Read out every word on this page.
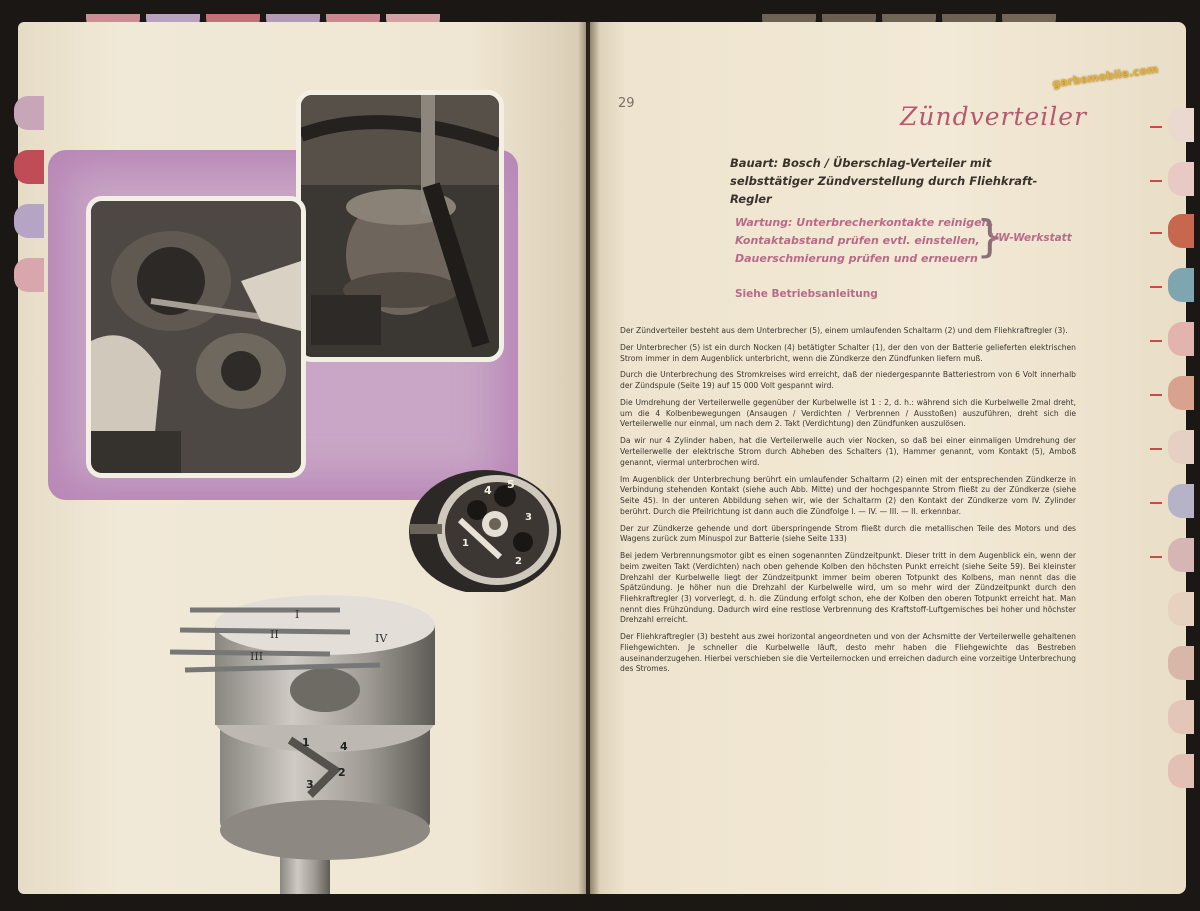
4 5
1
2
3
I
II
III
IV
1	4
2
3
29
garbsmobile.com
Zündverteiler
Bauart: Bosch / Überschlag-Verteiler mit selbsttätiger Zündverstellung durch Fliehkraft-Regler
Wartung: Unterbrecherkontakte reinigen,
Kontaktabstand prüfen evtl. einstellen,
Dauerschmierung prüfen und erneuern
}
VW-Werkstatt
Siehe Betriebsanleitung

Der Zündverteiler besteht aus dem Unterbrecher (5), einem umlaufenden Schaltarm (2) und dem Fliehkraftregler (3).

Der Unterbrecher (5) ist ein durch Nocken (4) betätigter Schalter (1), der den von der Batterie gelieferten elektrischen Strom immer in dem Augenblick unterbricht, wenn die Zündkerze den Zündfunken liefern muß.

Durch die Unterbrechung des Stromkreises wird erreicht, daß der niedergespannte Batteriestrom von 6 Volt innerhalb der Zündspule (Seite 19) auf 15 000 Volt gespannt wird.

Die Umdrehung der Verteilerwelle gegenüber der Kurbelwelle ist 1 : 2, d. h.: während sich die Kurbelwelle 2mal dreht, um die 4 Kolbenbewegungen (Ansaugen / Verdichten / Verbrennen / Ausstoßen) auszuführen, dreht sich die Verteilerwelle nur einmal, um nach dem 2. Takt (Verdichtung) den Zündfunken auszulösen.

Da wir nur 4 Zylinder haben, hat die Verteilerwelle auch vier Nocken, so daß bei einer einmaligen Umdrehung der Verteilerwelle der elektrische Strom durch Abheben des Schalters (1), Hammer genannt, vom Kontakt (5), Amboß genannt, viermal unterbrochen wird.

Im Augenblick der Unterbrechung berührt ein umlaufender Schaltarm (2) einen mit der entsprechenden Zündkerze in Verbindung stehenden Kontakt (siehe auch Abb. Mitte) und der hochgespannte Strom fließt zu der Zündkerze (siehe Seite 45). In der unteren Abbildung sehen wir, wie der Schaltarm (2) den Kontakt der Zündkerze vom IV. Zylinder berührt. Durch die Pfeilrichtung ist dann auch die Zündfolge I. — IV. — III. — II. erkennbar.

Der zur Zündkerze gehende und dort überspringende Strom fließt durch die metallischen Teile des Motors und des Wagens zurück zum Minuspol zur Batterie (siehe Seite 133)

Bei jedem Verbrennungsmotor gibt es einen sogenannten Zündzeitpunkt. Dieser tritt in dem Augenblick ein, wenn der beim zweiten Takt (Verdichten) nach oben gehende Kolben den höchsten Punkt erreicht (siehe Seite 59). Bei kleinster Drehzahl der Kurbelwelle liegt der Zündzeitpunkt immer beim oberen Totpunkt des Kolbens, man nennt das die Spätzündung. Je höher nun die Drehzahl der Kurbelwelle wird, um so mehr wird der Zündzeitpunkt durch den Fliehkraftregler (3) vorverlegt, d. h. die Zündung erfolgt schon, ehe der Kolben den oberen Totpunkt erreicht hat. Man nennt dies Frühzündung. Dadurch wird eine restlose Verbrennung des Kraftstoff-Luftgemisches bei hoher und höchster Drehzahl erreicht.

Der Fliehkraftregler (3) besteht aus zwei horizontal angeordneten und von der Achsmitte der Verteilerwelle gehaltenen Fliehgewichten. Je schneller die Kurbelwelle läuft, desto mehr haben die Fliehgewichte das Bestreben auseinanderzugehen. Hierbei verschieben sie die Verteilernocken und erreichen dadurch eine vorzeitige Unterbrechung des Stromes.
